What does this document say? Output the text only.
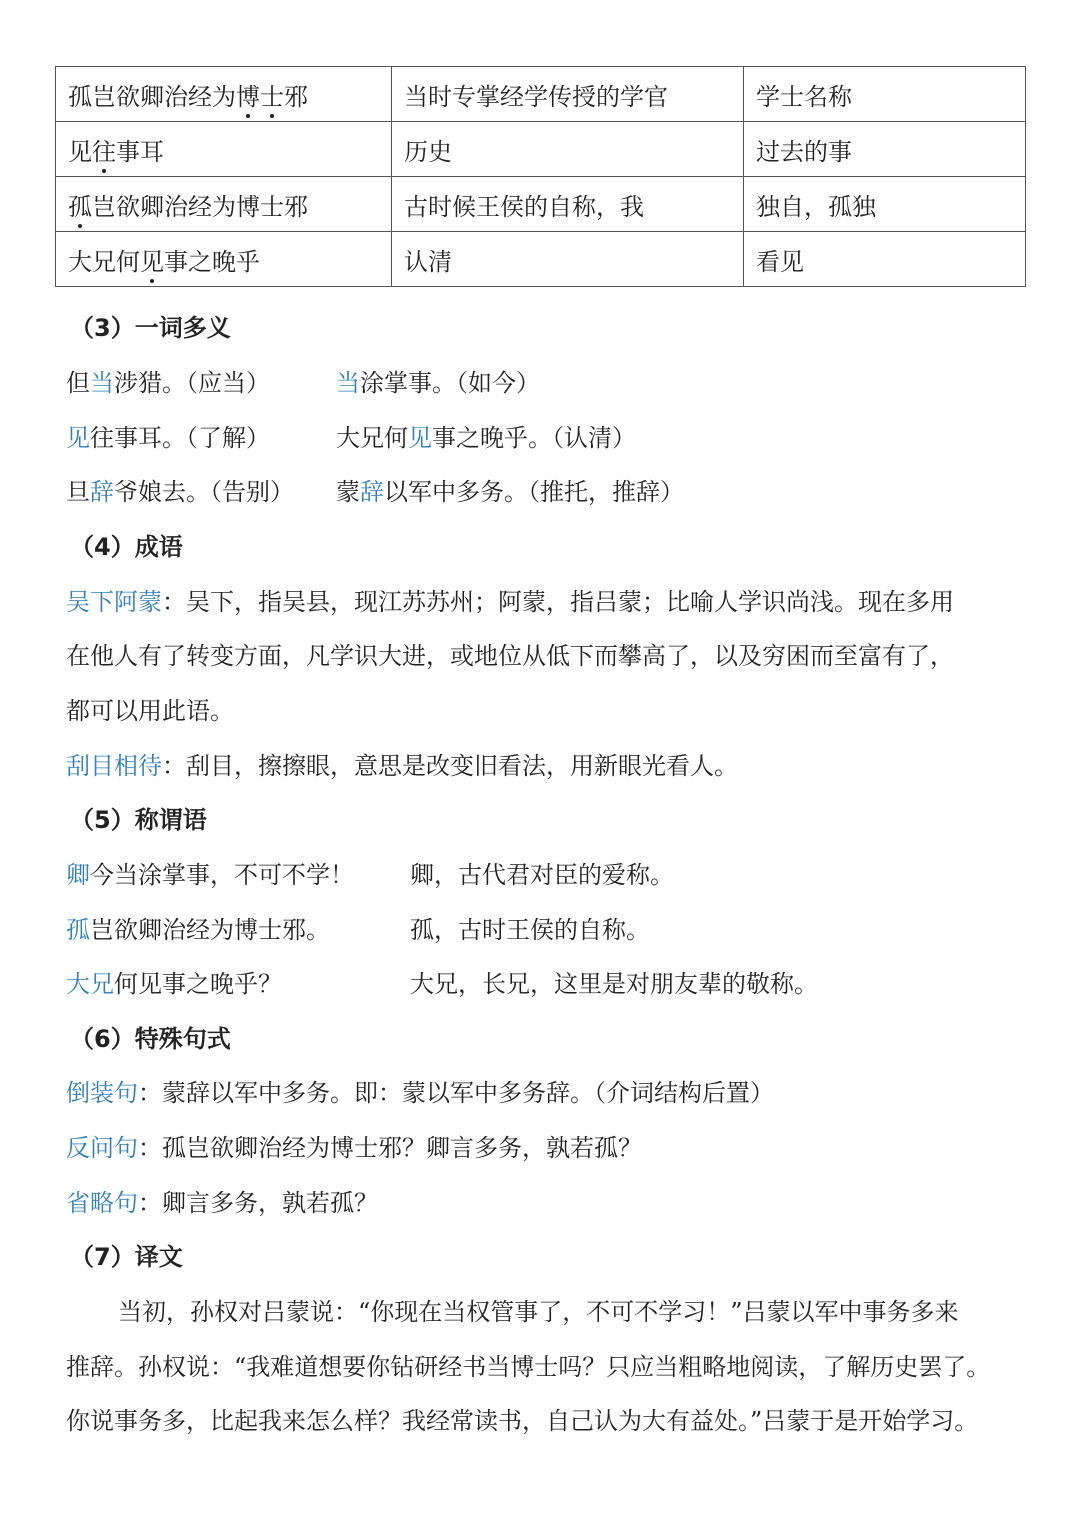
孤岂欲卿治经为博士邪	当时专掌经学传授的学官	学士名称
见往事耳	历史	过去的事
孤岂欲卿治经为博士邪	古时候王侯的自称，我	独自，孤独
大兄何见事之晚乎	认清	看见
（3）一词多义
但当涉猎。（应当）	当涂掌事。（如今）
见往事耳。（了解）	大兄何见事之晚乎。（认清）
旦辞爷娘去。（告别） 蒙辞以军中多务。（推托，推辞）
（4）成语
吴下阿蒙：吴下，指吴县，现江苏苏州；阿蒙，指吕蒙；比喻人学识尚浅。现在多用
在他人有了转变方面，凡学识大进，或地位从低下而攀高了，以及穷困而至富有了，
都可以用此语。
刮目相待：刮目，擦擦眼，意思是改变旧看法，用新眼光看人。
（5）称谓语
卿今当涂掌事，不可不学！ 卿，古代君对臣的爱称。
孤岂欲卿治经为博士邪。	孤，古时王侯的自称。
大兄何见事之晚乎？	大兄，长兄，这里是对朋友辈的敬称。
（6）特殊句式
倒装句：蒙辞以军中多务。即：蒙以军中多务辞。（介词结构后置）
反问句：孤岂欲卿治经为博士邪？卿言多务，孰若孤？
省略句：卿言多务，孰若孤？
（7）译文
当初，孙权对吕蒙说：“你现在当权管事了，不可不学习！”吕蒙以军中事务多来
推辞。孙权说：“我难道想要你钻研经书当博士吗？只应当粗略地阅读，了解历史罢了。
你说事务多，比起我来怎么样？我经常读书，自己认为大有益处。”吕蒙于是开始学习。
